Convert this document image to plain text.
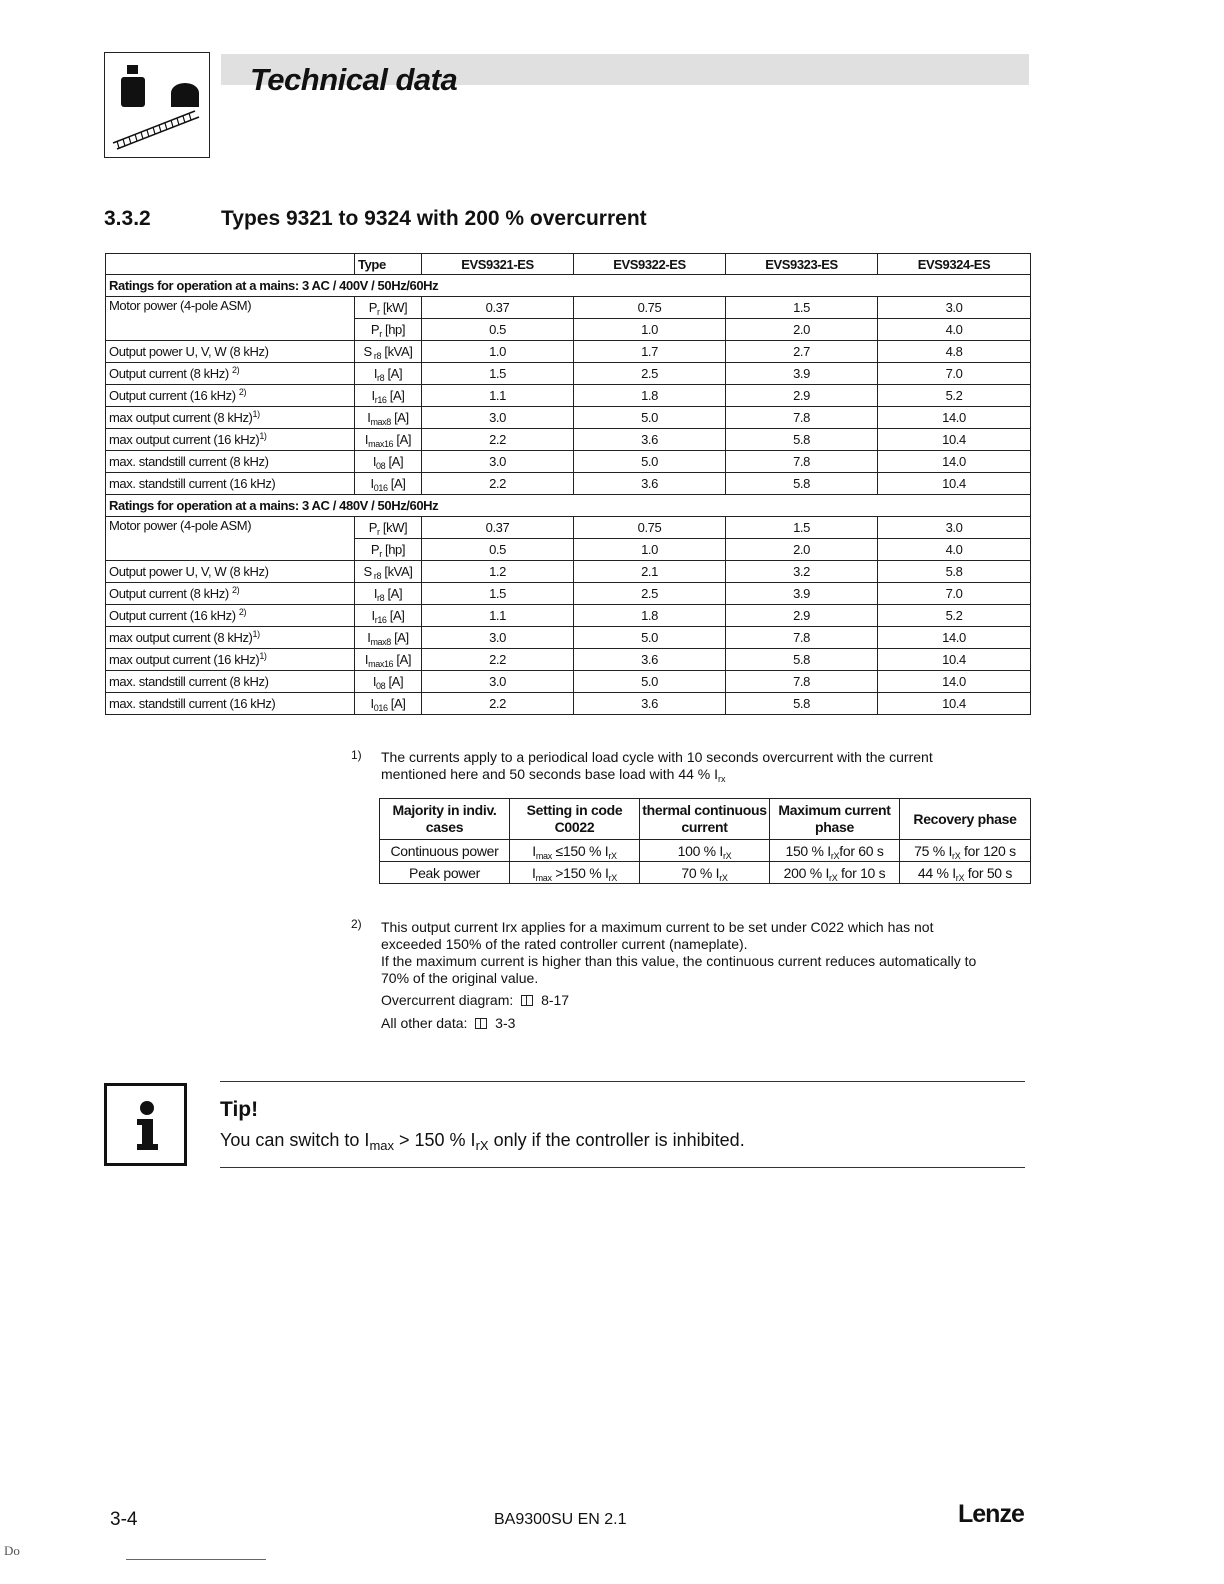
Technical data
3.3.2	Types 9321 to 9324 with 200 % overcurrent
	Type	EVS9321-ES	EVS9322-ES	EVS9323-ES	EVS9324-ES
Ratings for operation at a mains: 3 AC / 400V / 50Hz/60Hz					
Motor power (4-pole ASM)	$P_r$ [kW]	0.37	0.75	1.5	3.0
	$P_r$ [hp]	0.5	1.0	2.0	4.0
Output power U, V, W (8 kHz)	S $_{r8}$ [kVA]	1.0	1.7	2.7	4.8
Output current (8 kHz) $^{2)}$	$I_{r8}$ [A]	1.5	2.5	3.9	7.0
Output current (16 kHz) $^{2)}$	$I_{r16}$ [A]	1.1	1.8	2.9	5.2
max output current (8 kHz)$^{1)}$	$I_{max8}$ [A]	3.0	5.0	7.8	14.0
max output current (16 kHz)$^{1)}$	$I_{max16}$ [A]	2.2	3.6	5.8	10.4
max. standstill current (8 kHz)	$I_{08}$ [A]	3.0	5.0	7.8	14.0
max. standstill current (16 kHz)	$I_{016}$ [A]	2.2	3.6	5.8	10.4
Ratings for operation at a mains: 3 AC / 480V / 50Hz/60Hz					
Motor power (4-pole ASM)	$P_r$ [kW]	0.37	0.75	1.5	3.0
	$P_r$ [hp]	0.5	1.0	2.0	4.0
Output power U, V, W (8 kHz)	S $_{r8}$ [kVA]	1.2	2.1	3.2	5.8
Output current (8 kHz) $^{2)}$	$I_{r8}$ [A]	1.5	2.5	3.9	7.0
Output current (16 kHz) $^{2)}$	$I_{r16}$ [A]	1.1	1.8	2.9	5.2
max output current (8 kHz)$^{1)}$	$I_{max8}$ [A]	3.0	5.0	7.8	14.0
max output current (16 kHz)$^{1)}$	$I_{max16}$ [A]	2.2	3.6	5.8	10.4
max. standstill current (8 kHz)	$I_{08}$ [A]	3.0	5.0	7.8	14.0
max. standstill current (16 kHz)	$I_{016}$ [A]	2.2	3.6	5.8	10.4
1) The currents apply to a periodical load cycle with 10 seconds overcurrent with the current
mentioned here and 50 seconds base load with 44 % $I_{rx}$
Majority in indiv. cases	Setting in code C0022	thermal continuous current	Maximum current phase	Recovery phase
Continuous power	$I_{max} \le 150$ % $I_{rX}$	100 % $I_{rX}$	150 % $I_{rX}for$ 60 s	75 % $I_{rX}$ for 120 s
Peak power	$I_{max} >150$ % $I_{rX}$	70 % $I_{rX}$	200 % $I_{rX}$ for 10 s	44 % $I_{rX}$ for 50 s
2) This output current Irx applies for a maximum current to be set under C022 which has not
exceeded 150% of the rated controller current (nameplate).
If the maximum current is higher than this value, the continuous current reduces automatically to
70% of the original value.
Overcurrent diagram: 8-17
All other data: 3-3
Tip!
You can switch to $I_{max} > 150$ % $I_{rX}$ only if the controller is inhibited.
3-4	BA9300SU EN 2.1	Lenze
Do
